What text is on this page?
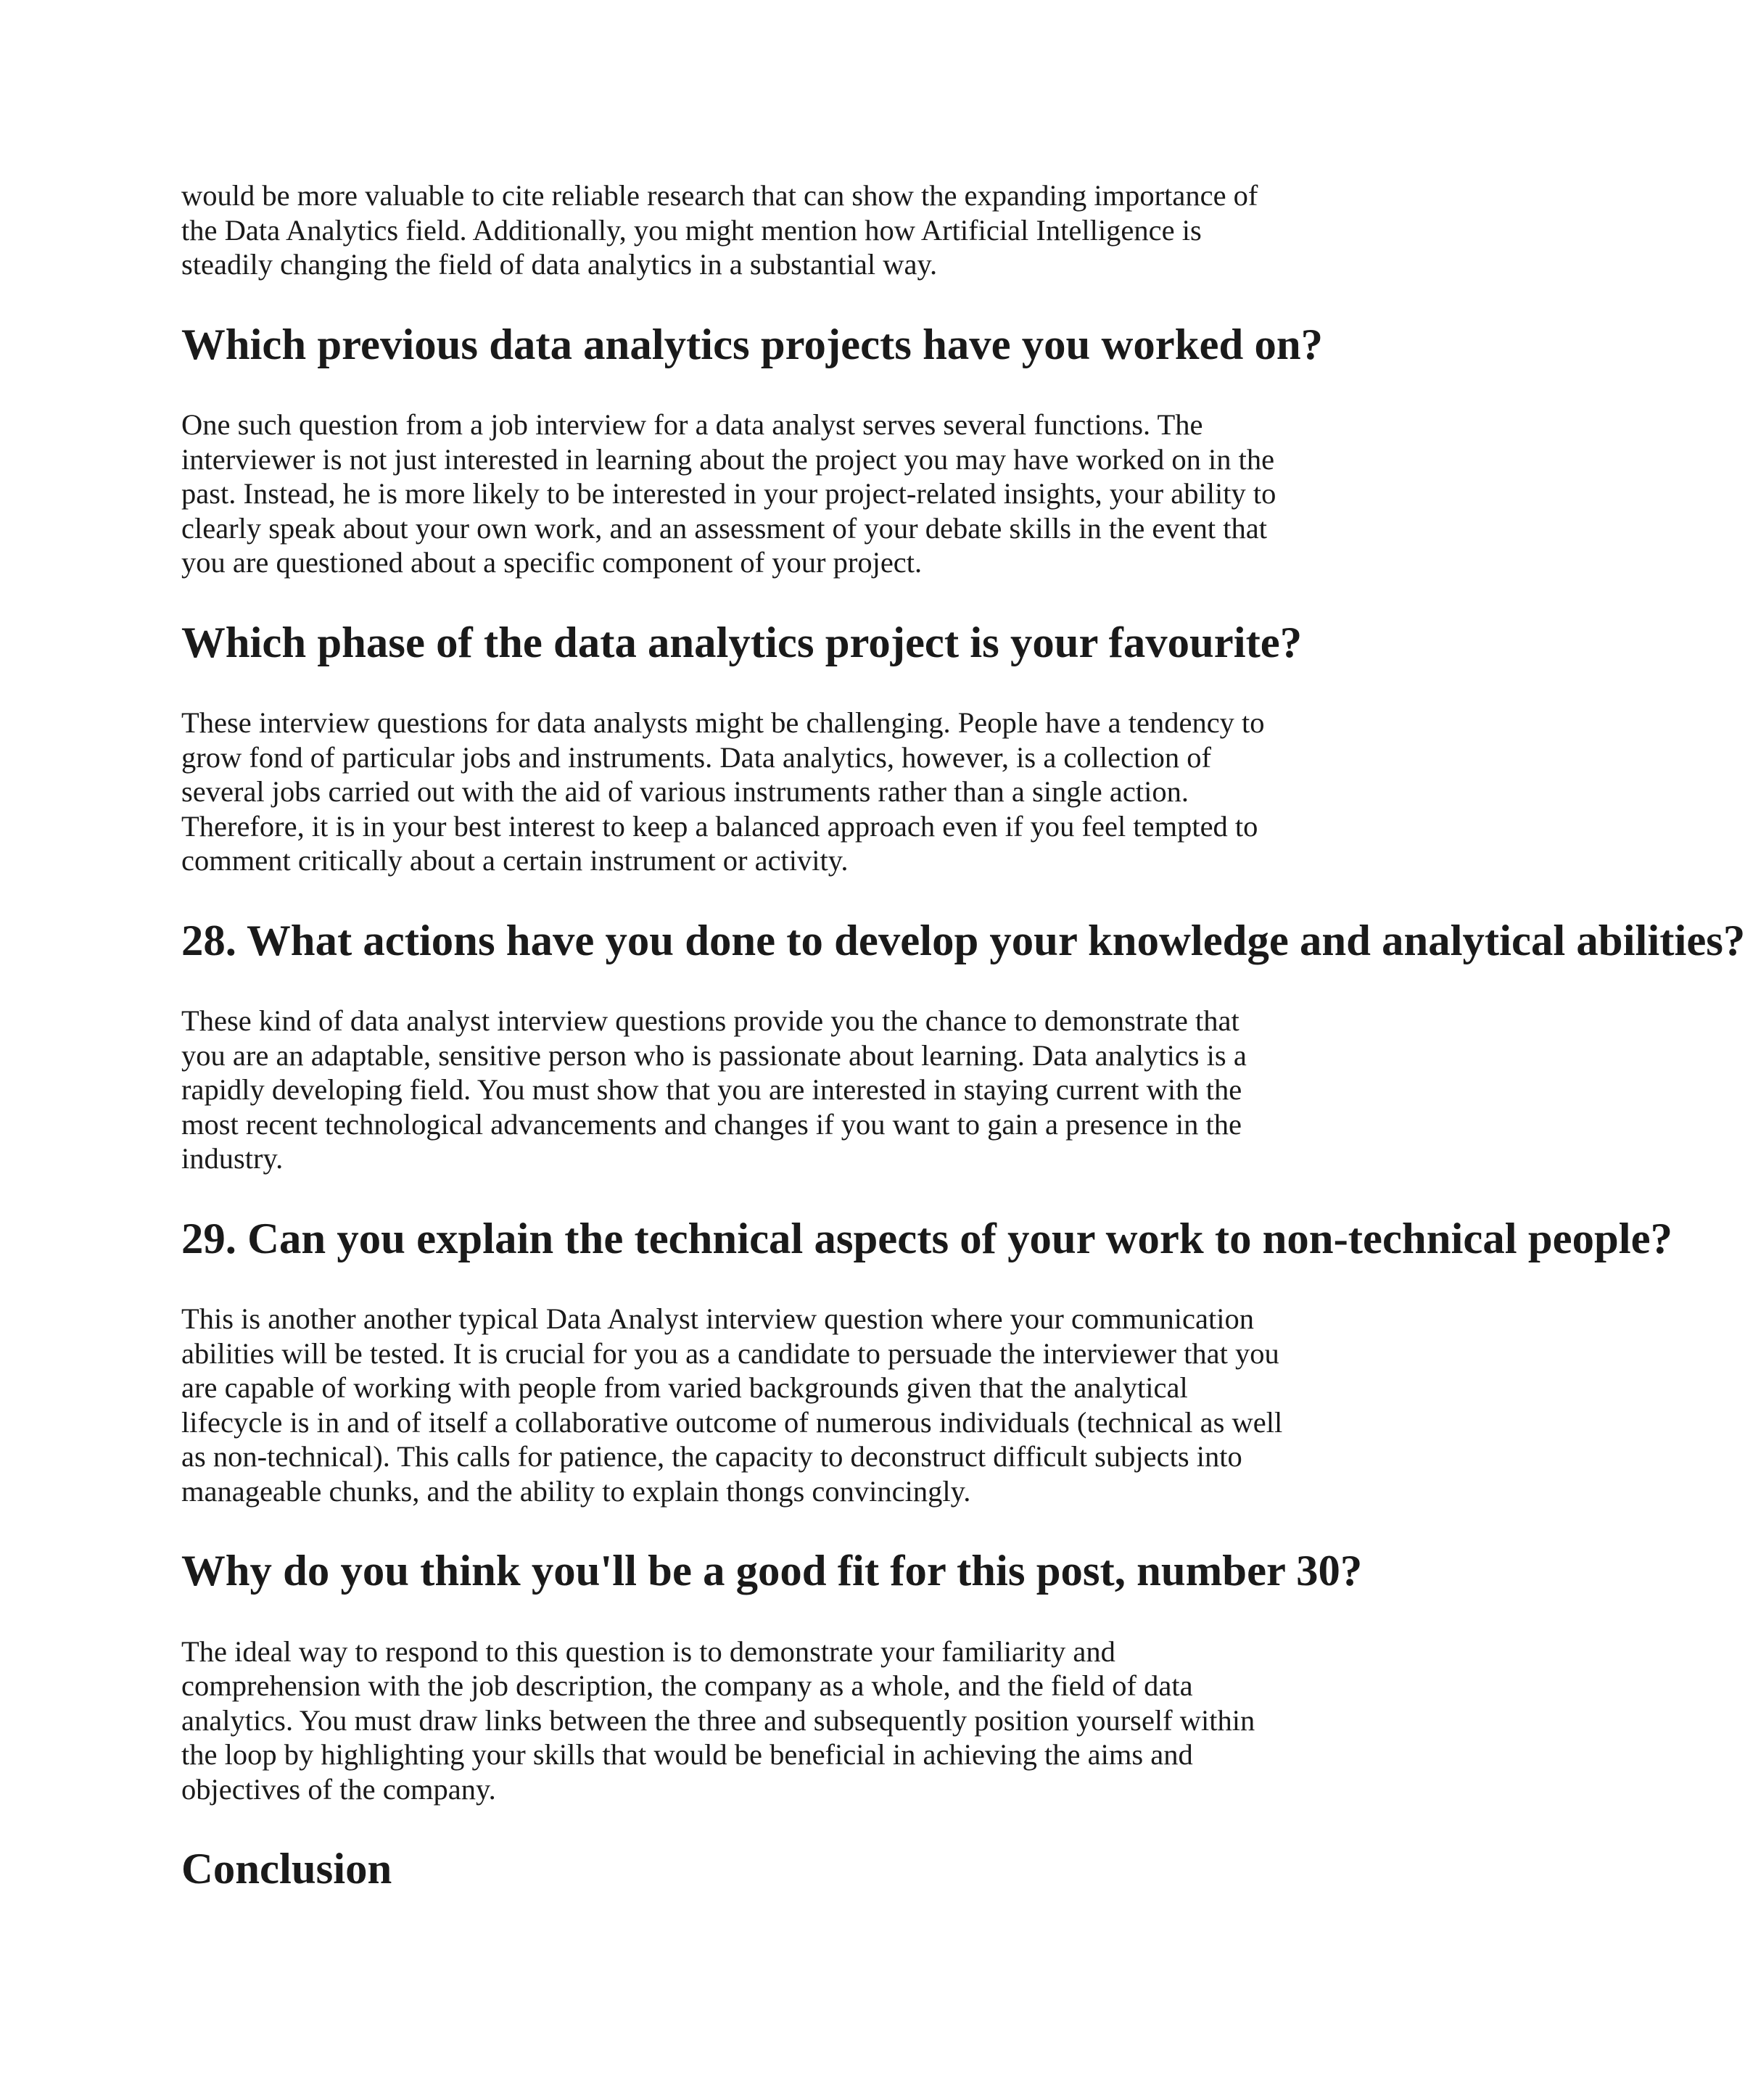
would be more valuable to cite reliable research that can show the expanding importance of
the Data Analytics field. Additionally, you might mention how Artificial Intelligence is
steadily changing the field of data analytics in a substantial way.

Which previous data analytics projects have you worked on?

One such question from a job interview for a data analyst serves several functions. The
interviewer is not just interested in learning about the project you may have worked on in the
past. Instead, he is more likely to be interested in your project-related insights, your ability to
clearly speak about your own work, and an assessment of your debate skills in the event that
you are questioned about a specific component of your project.

Which phase of the data analytics project is your favourite?

These interview questions for data analysts might be challenging. People have a tendency to
grow fond of particular jobs and instruments. Data analytics, however, is a collection of
several jobs carried out with the aid of various instruments rather than a single action.
Therefore, it is in your best interest to keep a balanced approach even if you feel tempted to
comment critically about a certain instrument or activity.

28. What actions have you done to develop your knowledge and analytical abilities?

These kind of data analyst interview questions provide you the chance to demonstrate that
you are an adaptable, sensitive person who is passionate about learning. Data analytics is a
rapidly developing field. You must show that you are interested in staying current with the
most recent technological advancements and changes if you want to gain a presence in the
industry.

29. Can you explain the technical aspects of your work to non-technical people?

This is another another typical Data Analyst interview question where your communication
abilities will be tested. It is crucial for you as a candidate to persuade the interviewer that you
are capable of working with people from varied backgrounds given that the analytical
lifecycle is in and of itself a collaborative outcome of numerous individuals (technical as well
as non-technical). This calls for patience, the capacity to deconstruct difficult subjects into
manageable chunks, and the ability to explain thongs convincingly.

Why do you think you'll be a good fit for this post, number 30?

The ideal way to respond to this question is to demonstrate your familiarity and
comprehension with the job description, the company as a whole, and the field of data
analytics. You must draw links between the three and subsequently position yourself within
the loop by highlighting your skills that would be beneficial in achieving the aims and
objectives of the company.

Conclusion
